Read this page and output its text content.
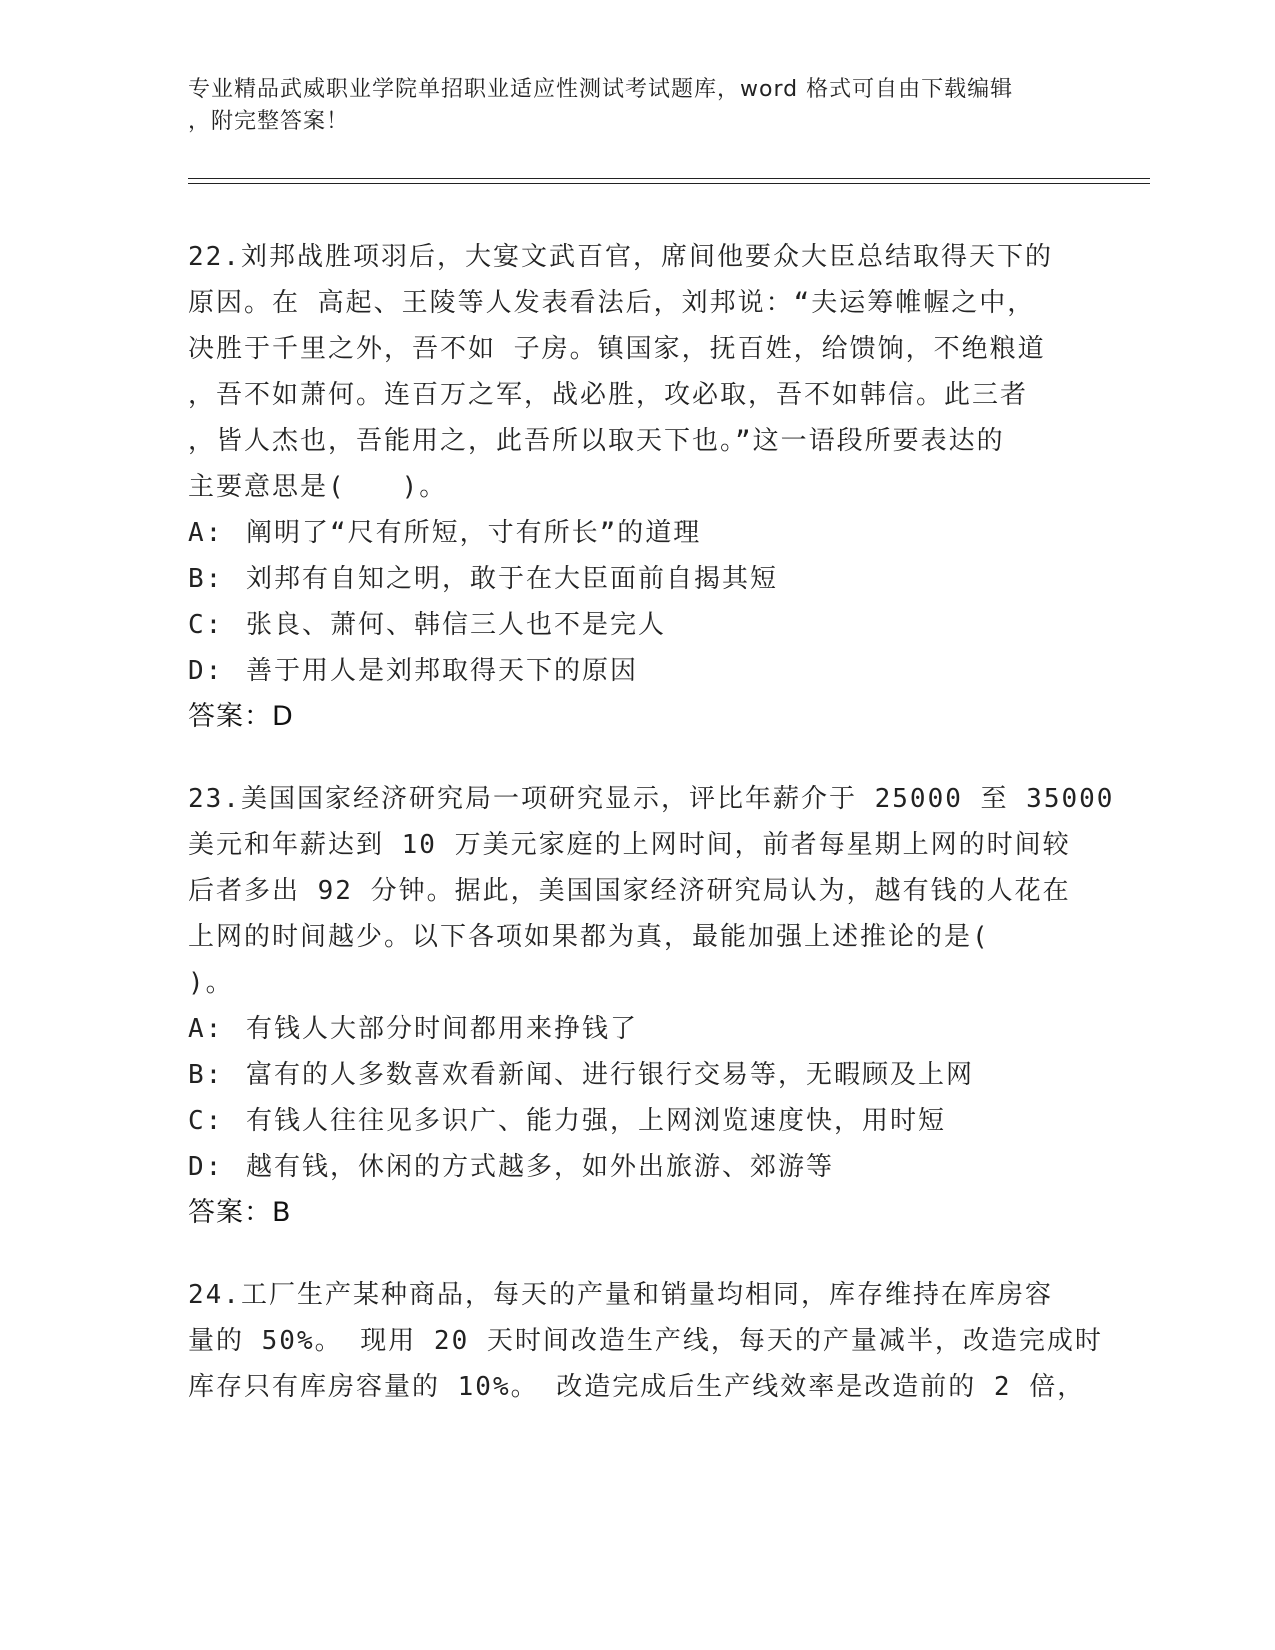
专业精品武威职业学院单招职业适应性测试考试题库，word 格式可自由下载编辑
，附完整答案！
22.刘邦战胜项羽后，大宴文武百官，席间他要众大臣总结取得天下的
原因。在 高起、王陵等人发表看法后，刘邦说：“夫运筹帷幄之中，
决胜于千里之外，吾不如 子房。镇国家，抚百姓，给馈饷，不绝粮道
，吾不如萧何。连百万之军，战必胜，攻必取，吾不如韩信。此三者
，皆人杰也，吾能用之，此吾所以取天下也。”这一语段所要表达的
主要意思是(　　)。
A: 阐明了“尺有所短，寸有所长”的道理
B: 刘邦有自知之明，敢于在大臣面前自揭其短
C: 张良、萧何、韩信三人也不是完人
D: 善于用人是刘邦取得天下的原因
答案：D
23.美国国家经济研究局一项研究显示，评比年薪介于 25000 至 35000
美元和年薪达到 10 万美元家庭的上网时间，前者每星期上网的时间较
后者多出 92 分钟。据此，美国国家经济研究局认为，越有钱的人花在
上网的时间越少。以下各项如果都为真，最能加强上述推论的是(
)。
A: 有钱人大部分时间都用来挣钱了
B: 富有的人多数喜欢看新闻、进行银行交易等，无暇顾及上网
C: 有钱人往往见多识广、能力强，上网浏览速度快，用时短
D: 越有钱，休闲的方式越多，如外出旅游、郊游等
答案：B
24.工厂生产某种商品，每天的产量和销量均相同，库存维持在库房容
量的 50%。 现用 20 天时间改造生产线，每天的产量减半，改造完成时
库存只有库房容量的 10%。 改造完成后生产线效率是改造前的 2 倍，
